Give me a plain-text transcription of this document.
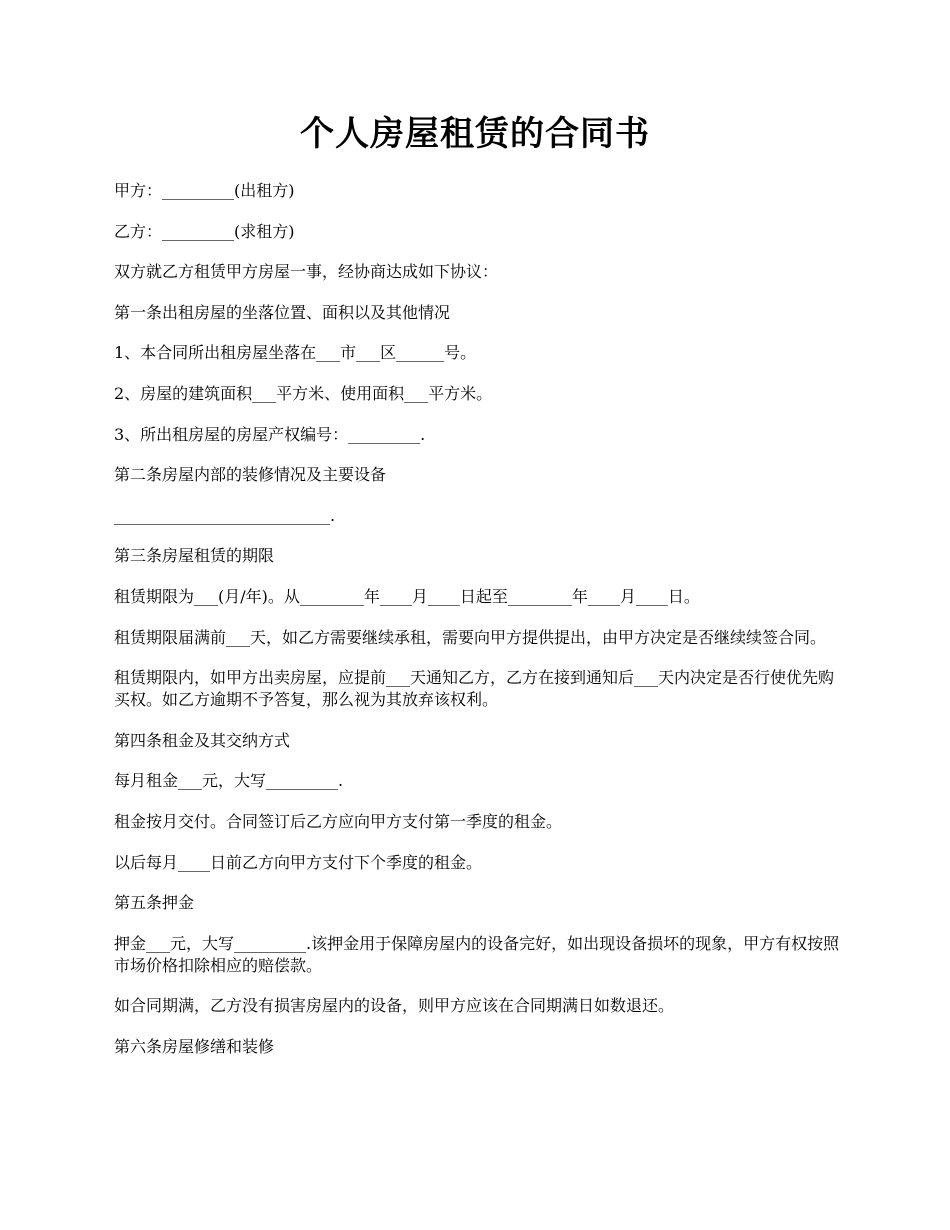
个人房屋租赁的合同书

甲方：_________(出租方)

乙方：_________(求租方)

双方就乙方租赁甲方房屋一事，经协商达成如下协议：

第一条出租房屋的坐落位置、面积以及其他情况

1、本合同所出租房屋坐落在___市___区______号。

2、房屋的建筑面积___平方米、使用面积___平方米。

3、所出租房屋的房屋产权编号：_________.

第二条房屋内部的装修情况及主要设备

___________________________.

第三条房屋租赁的期限

租赁期限为___(月/年)。从________年____月____日起至________年____月____日。

租赁期限届满前___天，如乙方需要继续承租，需要向甲方提供提出，由甲方决定是否继续续签合同。

租赁期限内，如甲方出卖房屋，应提前___天通知乙方，乙方在接到通知后___天内决定是否行使优先购买权。如乙方逾期不予答复，那么视为其放弃该权利。

第四条租金及其交纳方式

每月租金___元，大写_________.

租金按月交付。合同签订后乙方应向甲方支付第一季度的租金。

以后每月____日前乙方向甲方支付下个季度的租金。

第五条押金

押金___元，大写_________.该押金用于保障房屋内的设备完好，如出现设备损坏的现象，甲方有权按照市场价格扣除相应的赔偿款。

如合同期满，乙方没有损害房屋内的设备，则甲方应该在合同期满日如数退还。

第六条房屋修缮和装修
